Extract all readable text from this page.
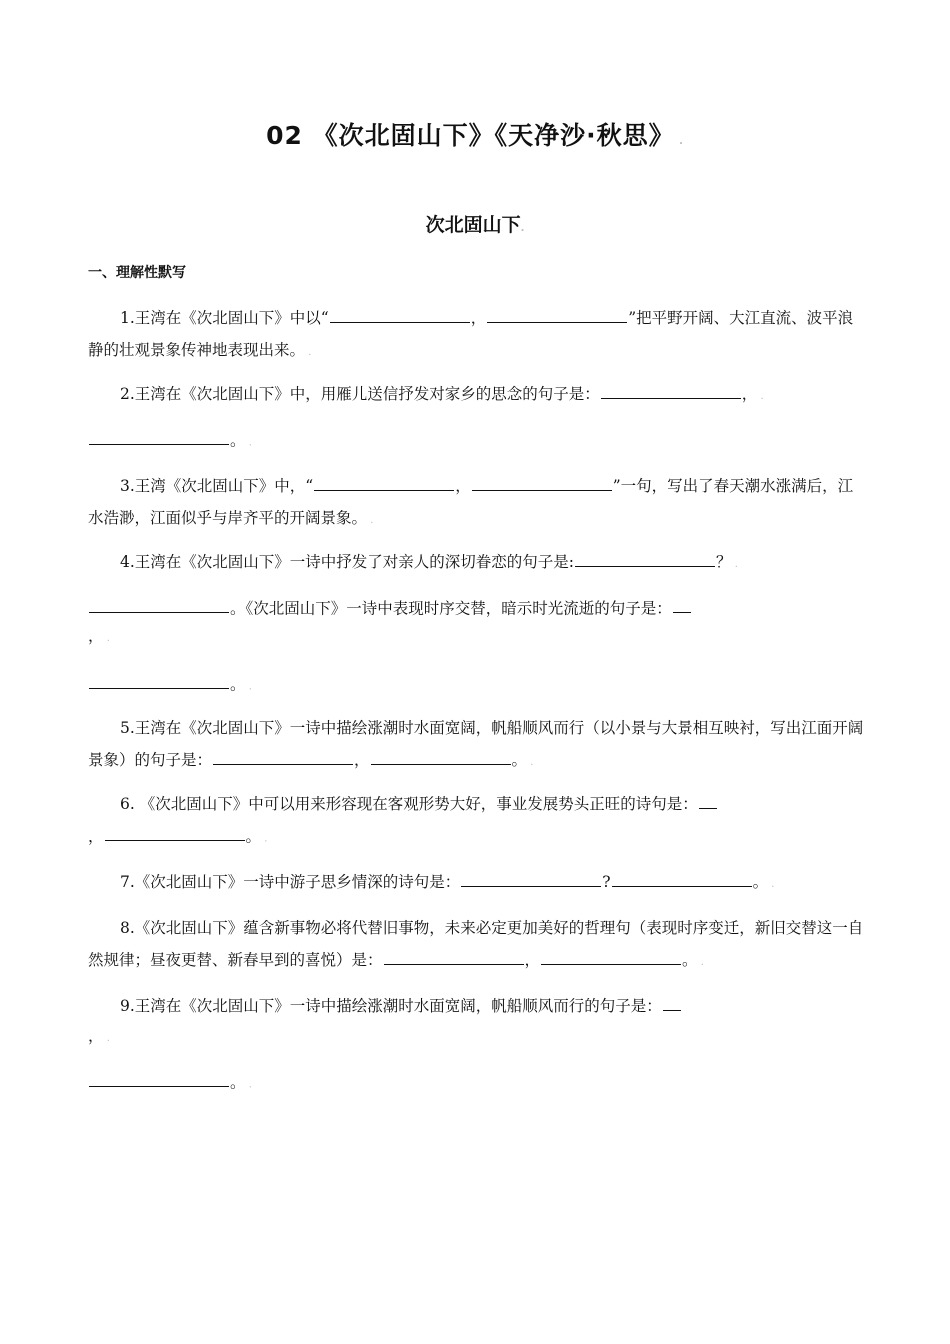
02 《次北固山下》《天净沙·秋思》 .
次北固山下.
一、理解性默写

1.王湾在《次北固山下》中以“	，	”把平野开阔、大江直流、波平浪静的壮观景象传神地表现出来。 .

2.王湾在《次北固山下》中，用雁儿送信抒发对家乡的思念的句子是：	， .

。 .

3.王湾《次北固山下》中，“	，	”一句，写出了春天潮水涨满后，江水浩渺，江面似乎与岸齐平的开阔景象。 .

4.王湾在《次北固山下》一诗中抒发了对亲人的深切眷恋的句子是:	？ .

。《次北固山下》一诗中表现时序交替，暗示时光流逝的句子是：
， .
。 .

5.王湾在《次北固山下》一诗中描绘涨潮时水面宽阔，帆船顺风而行（以小景与大景相互映衬，写出江面开阔景象）的句子是：	，	。 .

6. 《次北固山下》中可以用来形容现在客观形势大好，事业发展势头正旺的诗句是：

，	。 .

7.《次北固山下》一诗中游子思乡情深的诗句是：	?	。 .

8.《次北固山下》蕴含新事物必将代替旧事物，未来必定更加美好的哲理句（表现时序变迁，新旧交替这一自然规律；昼夜更替、新春早到的喜悦）是：	，	。 .

9.王湾在《次北固山下》一诗中描绘涨潮时水面宽阔，帆船顺风而行的句子是：

， .
。 .
